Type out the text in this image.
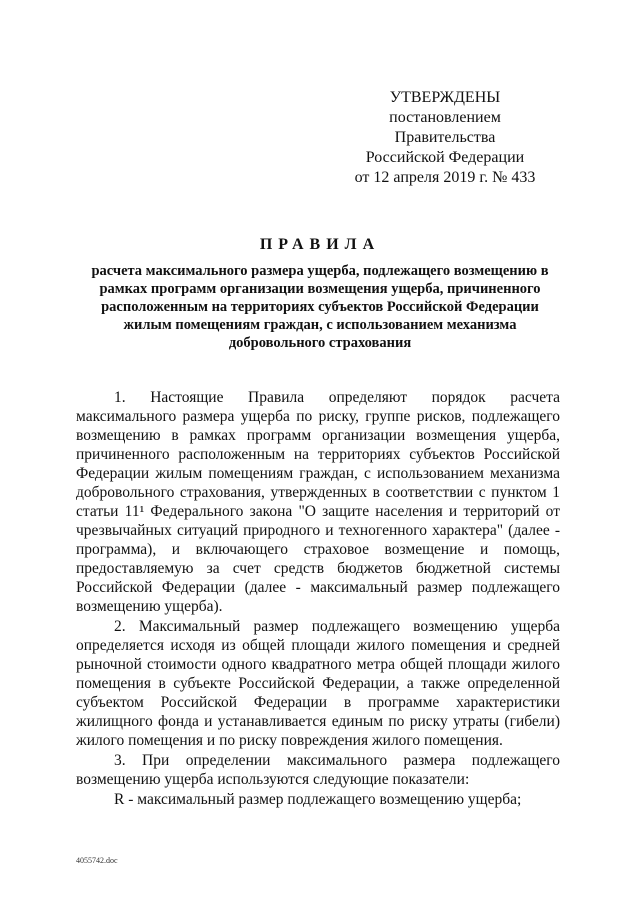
УТВЕРЖДЕНЫ
постановлением Правительства
Российской Федерации
от 12 апреля 2019 г. № 433
ПРАВИЛА
расчета максимального размера ущерба, подлежащего возмещению в рамках программ организации возмещения ущерба, причиненного расположенным на территориях субъектов Российской Федерации жилым помещениям граждан, с использованием механизма добровольного страхования

1. Настоящие Правила определяют порядок расчета максимального размера ущерба по риску, группе рисков, подлежащего возмещению в рамках программ организации возмещения ущерба, причиненного расположенным на территориях субъектов Российской Федерации жилым помещениям граждан, с использованием механизма добровольного страхования, утвержденных в соответствии с пунктом 1 статьи 11¹ Федерального закона "О защите населения и территорий от чрезвычайных ситуаций природного и техногенного характера" (далее - программа), и включающего страховое возмещение и помощь, предоставляемую за счет средств бюджетов бюджетной системы Российской Федерации (далее - максимальный размер подлежащего возмещению ущерба).

2. Максимальный размер подлежащего возмещению ущерба определяется исходя из общей площади жилого помещения и средней рыночной стоимости одного квадратного метра общей площади жилого помещения в субъекте Российской Федерации, а также определенной субъектом Российской Федерации в программе характеристики жилищного фонда и устанавливается единым по риску утраты (гибели) жилого помещения и по риску повреждения жилого помещения.

3. При определении максимального размера подлежащего возмещению ущерба используются следующие показатели:

R - максимальный размер подлежащего возмещению ущерба;

4055742.doc
